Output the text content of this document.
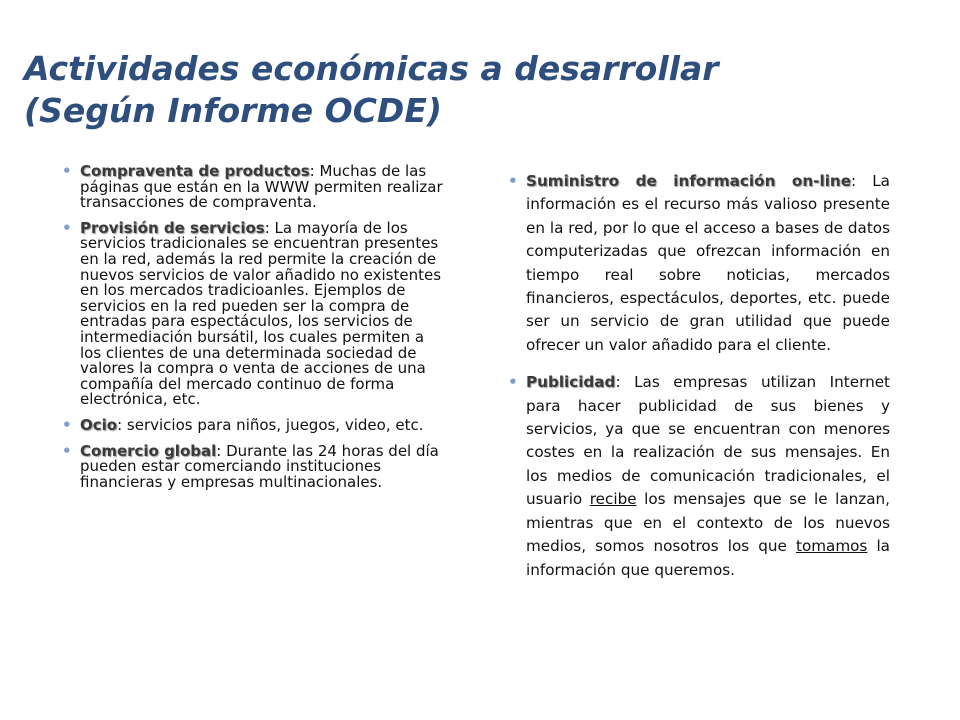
Actividades económicas a desarrollar
(Según Informe OCDE)
• Compraventa de productos: Muchas de las páginas que están en la WWW permiten realizar transacciones de compraventa.
• Provisión de servicios: La mayoría de los servicios tradicionales se encuentran presentes en la red, además la red permite la creación de nuevos servicios de valor añadido no existentes en los mercados tradicioanles. Ejemplos de servicios en la red pueden ser la compra de entradas para espectáculos, los servicios de intermediación bursátil, los cuales permiten a los clientes de una determinada sociedad de valores la compra o venta de acciones de una compañía del mercado continuo de forma electrónica, etc.
• Ocio: servicios para niños, juegos, video, etc.
• Comercio global: Durante las 24 horas del día pueden estar comerciando instituciones financieras y empresas multinacionales.
• Suministro de información on-line: La información es el recurso más valioso presente en la red, por lo que el acceso a bases de datos computerizadas que ofrezcan información en tiempo real sobre noticias, mercados financieros, espectáculos, deportes, etc. puede ser un servicio de gran utilidad que puede ofrecer un valor añadido para el cliente.
• Publicidad: Las empresas utilizan Internet para hacer publicidad de sus bienes y servicios, ya que se encuentran con menores costes en la realización de sus mensajes. En los medios de comunicación tradicionales, el usuario recibe los mensajes que se le lanzan, mientras que en el contexto de los nuevos medios, somos nosotros los que tomamos la información que queremos.
